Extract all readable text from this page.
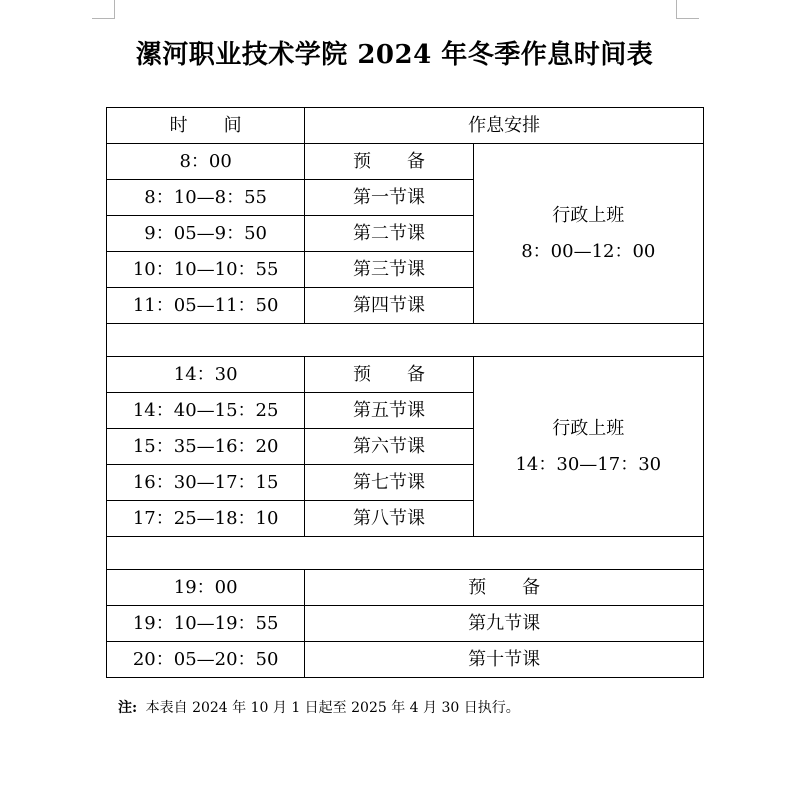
漯河职业技术学院 2024 年冬季作息时间表
时　　间	作息安排	
8：00	预　　备	行政上班
8：00—12：00

8：10—8：55	第一节课	
9：05—9：50	第二节课	
10：10—10：55	第三节课	
11：05—11：50	第四节课	

14：30	预　　备	行政上班
14：30—17：30

14：40—15：25	第五节课	
15：35—16：20	第六节课	
16：30—17：15	第七节课	
17：25—18：10	第八节课	

19：00	预　　备	
19：10—19：55	第九节课	
20：05—20：50	第十节课	
注: 本表自 2024 年 10 月 1 日起至 2025 年 4 月 30 日执行。
